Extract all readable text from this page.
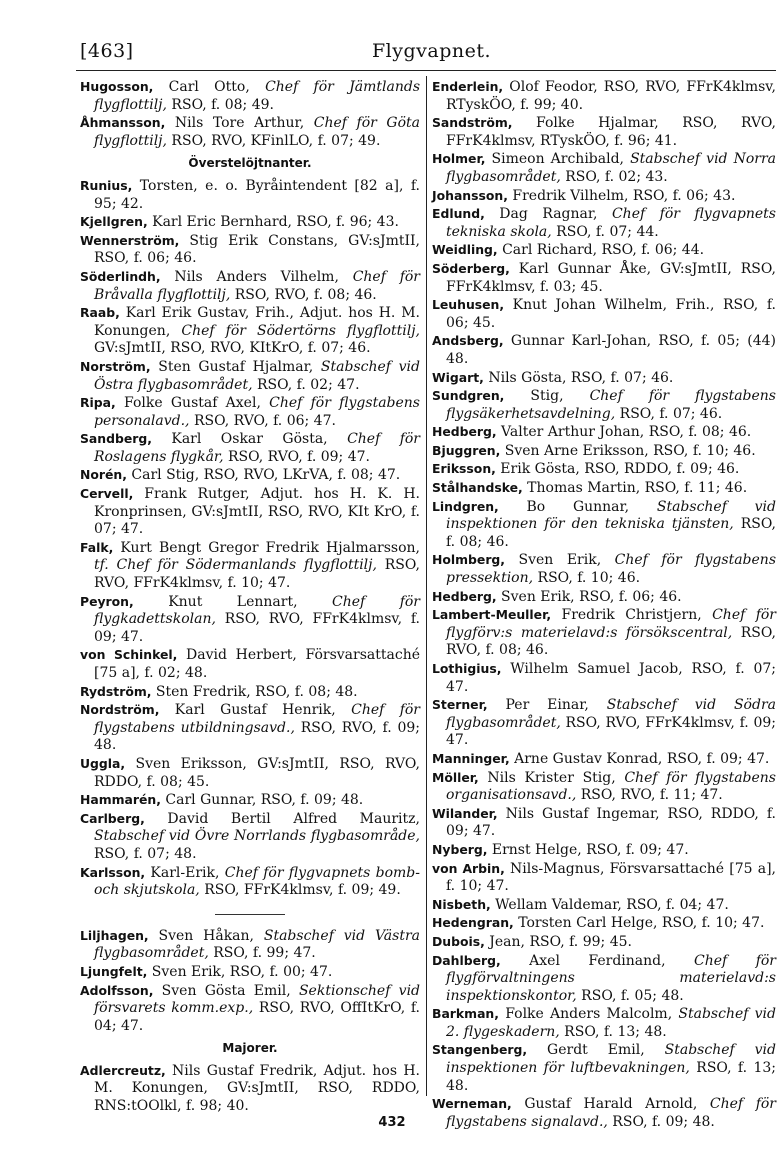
[463]	Flygvapnet.

Hugosson, Carl Otto, Chef för Jämtlands flygflottilj, RSO, f. 08; 49.

Åhmansson, Nils Tore Arthur, Chef för Göta flygflottilj, RSO, RVO, KFinlLO, f. 07; 49.

Överstelöjtnanter.

Runius, Torsten, e. o. Byråintendent [82 a], f. 95; 42.

Kjellgren, Karl Eric Bernhard, RSO, f. 96; 43.

Wennerström, Stig Erik Constans, GV:sJmtII, RSO, f. 06; 46.

Söderlindh, Nils Anders Vilhelm, Chef för Bråvalla flygflottilj, RSO, RVO, f. 08; 46.

Raab, Karl Erik Gustav, Frih., Adjut. hos H. M. Konungen, Chef för Södertörns flygflottilj, GV:sJmtII, RSO, RVO, KItKrO, f. 07; 46.

Norström, Sten Gustaf Hjalmar, Stabschef vid Östra flygbasområdet, RSO, f. 02; 47.

Ripa, Folke Gustaf Axel, Chef för flygstabens personalavd., RSO, RVO, f. 06; 47.

Sandberg, Karl Oskar Gösta, Chef för Roslagens flygkår, RSO, RVO, f. 09; 47.

Norén, Carl Stig, RSO, RVO, LKrVA, f. 08; 47.

Cervell, Frank Rutger, Adjut. hos H. K. H. Kronprinsen, GV:sJmtII, RSO, RVO, KIt KrO, f. 07; 47.

Falk, Kurt Bengt Gregor Fredrik Hjalmarsson, tf. Chef för Södermanlands flygflottilj, RSO, RVO, FFrK4klmsv, f. 10; 47.

Peyron, Knut Lennart, Chef för flygkadettskolan, RSO, RVO, FFrK4klmsv, f. 09; 47.

von Schinkel, David Herbert, Försvarsattaché [75 a], f. 02; 48.

Rydström, Sten Fredrik, RSO, f. 08; 48.

Nordström, Karl Gustaf Henrik, Chef för flygstabens utbildningsavd., RSO, RVO, f. 09; 48.

Uggla, Sven Eriksson, GV:sJmtII, RSO, RVO, RDDO, f. 08; 45.

Hammarén, Carl Gunnar, RSO, f. 09; 48.

Carlberg, David Bertil Alfred Mauritz, Stabschef vid Övre Norrlands flygbasområde, RSO, f. 07; 48.

Karlsson, Karl-Erik, Chef för flygvapnets bomb- och skjutskola, RSO, FFrK4klmsv, f. 09; 49.

Liljhagen, Sven Håkan, Stabschef vid Västra flygbasområdet, RSO, f. 99; 47.

Ljungfelt, Sven Erik, RSO, f. 00; 47.

Adolfsson, Sven Gösta Emil, Sektionschef vid försvarets komm.exp., RSO, RVO, OffItKrO, f. 04; 47.

Majorer.

Adlercreutz, Nils Gustaf Fredrik, Adjut. hos H. M. Konungen, GV:sJmtII, RSO, RDDO, RNS:tOOlkl, f. 98; 40.

Enderlein, Olof Feodor, RSO, RVO, FFrK4klmsv, RTyskÖO, f. 99; 40.

Sandström, Folke Hjalmar, RSO, RVO, FFrK4klmsv, RTyskÖO, f. 96; 41.

Holmer, Simeon Archibald, Stabschef vid Norra flygbasområdet, RSO, f. 02; 43.

Johansson, Fredrik Vilhelm, RSO, f. 06; 43.

Edlund, Dag Ragnar, Chef för flygvapnets tekniska skola, RSO, f. 07; 44.

Weidling, Carl Richard, RSO, f. 06; 44.

Söderberg, Karl Gunnar Åke, GV:sJmtII, RSO, FFrK4klmsv, f. 03; 45.

Leuhusen, Knut Johan Wilhelm, Frih., RSO, f. 06; 45.

Andsberg, Gunnar Karl-Johan, RSO, f. 05; (44) 48.

Wigart, Nils Gösta, RSO, f. 07; 46.

Sundgren, Stig, Chef för flygstabens flygsäkerhetsavdelning, RSO, f. 07; 46.

Hedberg, Valter Arthur Johan, RSO, f. 08; 46.

Bjuggren, Sven Arne Eriksson, RSO, f. 10; 46.

Eriksson, Erik Gösta, RSO, RDDO, f. 09; 46.

Stålhandske, Thomas Martin, RSO, f. 11; 46.

Lindgren, Bo Gunnar, Stabschef vid inspektionen för den tekniska tjänsten, RSO, f. 08; 46.

Holmberg, Sven Erik, Chef för flygstabens pressektion, RSO, f. 10; 46.

Hedberg, Sven Erik, RSO, f. 06; 46.

Lambert-Meuller, Fredrik Christjern, Chef för flygförv:s materielavd:s försökscentral, RSO, RVO, f. 08; 46.

Lothigius, Wilhelm Samuel Jacob, RSO, f. 07; 47.

Sterner, Per Einar, Stabschef vid Södra flygbasområdet, RSO, RVO, FFrK4klmsv, f. 09; 47.

Manninger, Arne Gustav Konrad, RSO, f. 09; 47.

Möller, Nils Krister Stig, Chef för flygstabens organisationsavd., RSO, RVO, f. 11; 47.

Wilander, Nils Gustaf Ingemar, RSO, RDDO, f. 09; 47.

Nyberg, Ernst Helge, RSO, f. 09; 47.

von Arbin, Nils-Magnus, Försvarsattaché [75 a], f. 10; 47.

Nisbeth, Wellam Valdemar, RSO, f. 04; 47.

Hedengran, Torsten Carl Helge, RSO, f. 10; 47.

Dubois, Jean, RSO, f. 99; 45.

Dahlberg, Axel Ferdinand, Chef för flygförvaltningens materielavd:s inspektionskontor, RSO, f. 05; 48.

Barkman, Folke Anders Malcolm, Stabschef vid 2. flygeskadern, RSO, f. 13; 48.

Stangenberg, Gerdt Emil, Stabschef vid inspektionen för luftbevakningen, RSO, f. 13; 48.

Werneman, Gustaf Harald Arnold, Chef för flygstabens signalavd., RSO, f. 09; 48.

432
